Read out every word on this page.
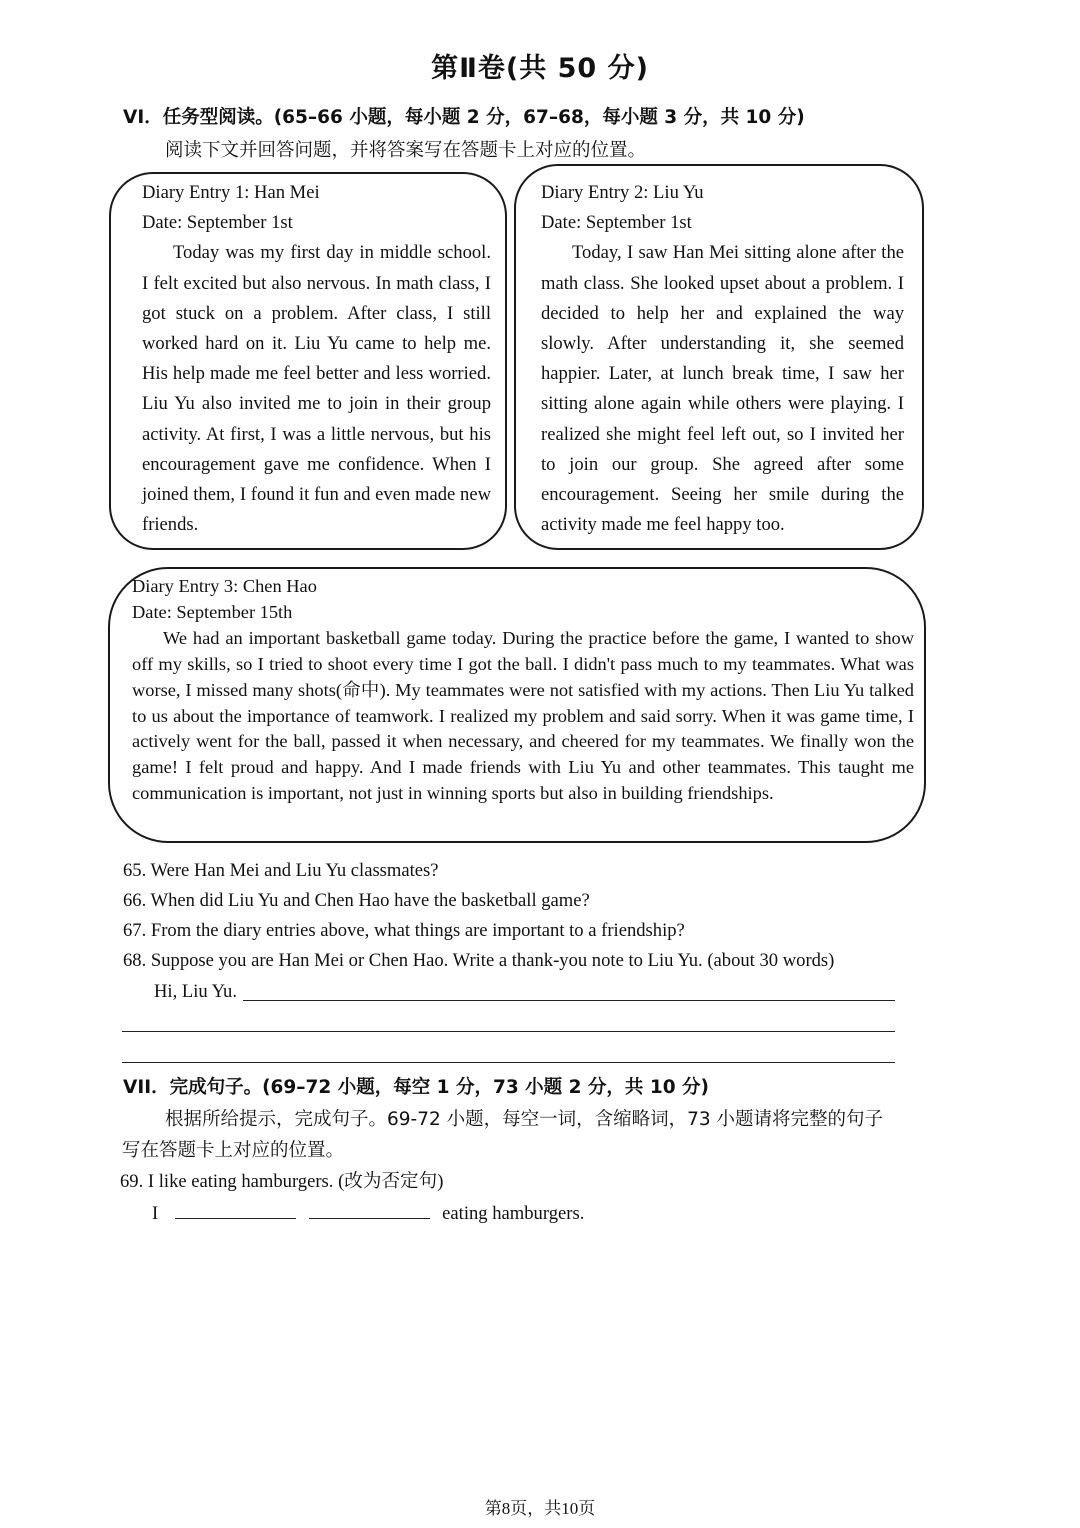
第Ⅱ卷(共 50 分)
VI．任务型阅读。(65–66 小题，每小题 2 分，67–68，每小题 3 分，共 10 分)
阅读下文并回答问题，并将答案写在答题卡上对应的位置。
Diary Entry 1: Han Mei
Date: September 1st
Today was my first day in middle school. I felt excited but also nervous. In math class, I got stuck on a problem. After class, I still worked hard on it. Liu Yu came to help me. His help made me feel better and less worried. Liu Yu also invited me to join in their group activity. At first, I was a little nervous, but his encouragement gave me confidence. When I joined them, I found it fun and even made new friends.
Diary Entry 2: Liu Yu
Date: September 1st
Today, I saw Han Mei sitting alone after the math class. She looked upset about a problem. I decided to help her and explained the way slowly. After understanding it, she seemed happier. Later, at lunch break time, I saw her sitting alone again while others were playing. I realized she might feel left out, so I invited her to join our group. She agreed after some encouragement. Seeing her smile during the activity made me feel happy too.
Diary Entry 3: Chen Hao
Date: September 15th
We had an important basketball game today. During the practice before the game, I wanted to show off my skills, so I tried to shoot every time I got the ball. I didn't pass much to my teammates. What was worse, I missed many shots(命中). My teammates were not satisfied with my actions. Then Liu Yu talked to us about the importance of teamwork. I realized my problem and said sorry. When it was game time, I actively went for the ball, passed it when necessary, and cheered for my teammates. We finally won the game! I felt proud and happy. And I made friends with Liu Yu and other teammates. This taught me communication is important, not just in winning sports but also in building friendships.
65. Were Han Mei and Liu Yu classmates?
66. When did Liu Yu and Chen Hao have the basketball game?
67. From the diary entries above, what things are important to a friendship?
68. Suppose you are Han Mei or Chen Hao. Write a thank-you note to Liu Yu. (about 30 words)
Hi, Liu Yu.
VII．完成句子。(69–72 小题，每空 1 分，73 小题 2 分，共 10 分)
根据所给提示，完成句子。69-72 小题，每空一词，含缩略词，73 小题请将完整的句子
写在答题卡上对应的位置。
69. I like eating hamburgers. (改为否定句)
I	eating hamburgers.
第8页，共10页
